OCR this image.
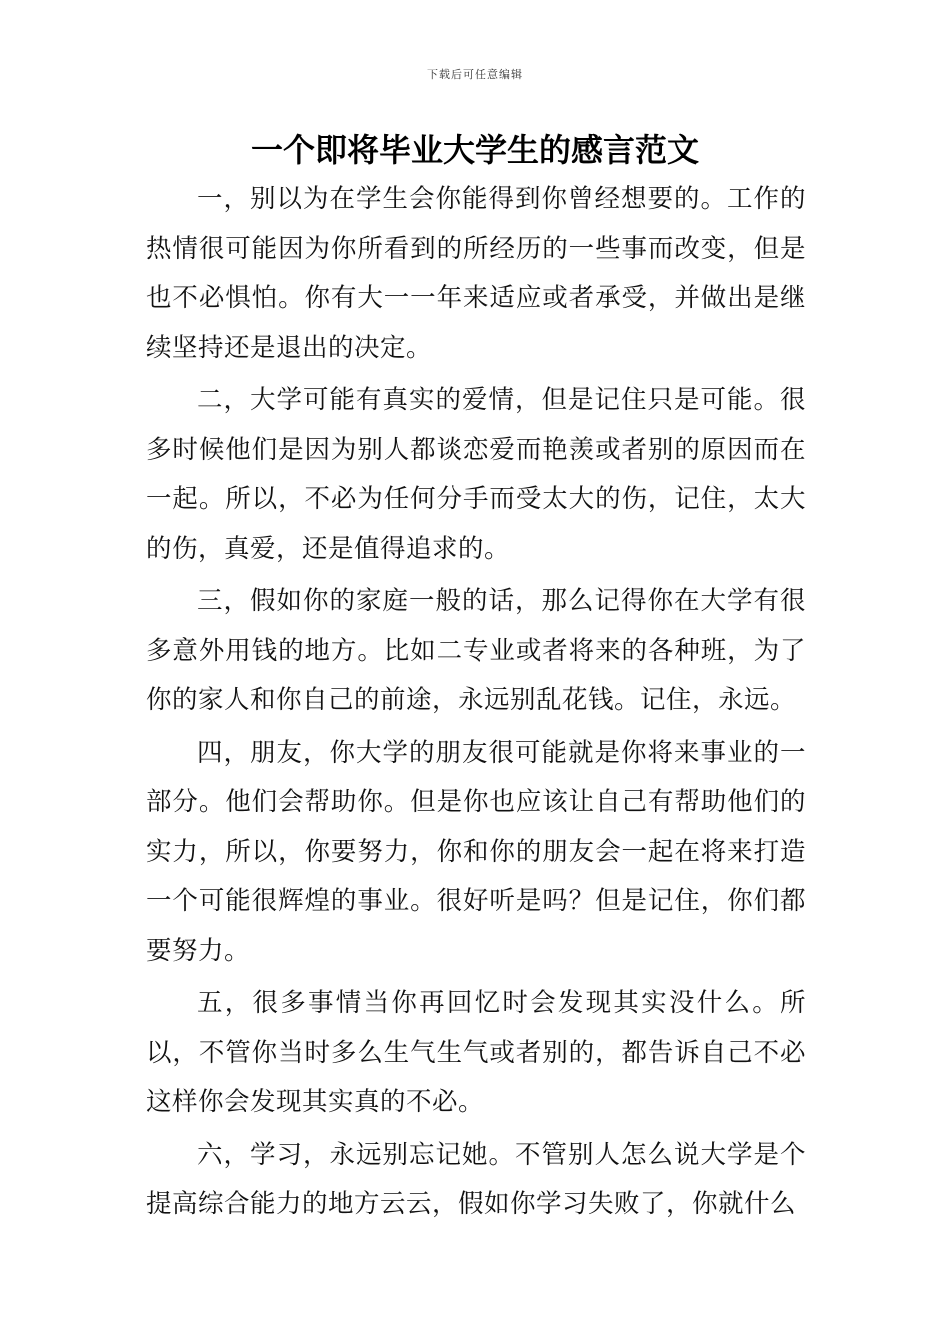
下载后可任意编辑
一个即将毕业大学生的感言范文

一，别以为在学生会你能得到你曾经想要的。工作的热情很可能因为你所看到的所经历的一些事而改变，但是也不必惧怕。你有大一一年来适应或者承受，并做出是继续坚持还是退出的决定。

二，大学可能有真实的爱情，但是记住只是可能。很多时候他们是因为别人都谈恋爱而艳羡或者别的原因而在一起。所以，不必为任何分手而受太大的伤，记住，太大的伤，真爱，还是值得追求的。

三，假如你的家庭一般的话，那么记得你在大学有很多意外用钱的地方。比如二专业或者将来的各种班，为了你的家人和你自己的前途，永远别乱花钱。记住，永远。

四，朋友，你大学的朋友很可能就是你将来事业的一部分。他们会帮助你。但是你也应该让自己有帮助他们的实力，所以，你要努力，你和你的朋友会一起在将来打造一个可能很辉煌的事业。很好听是吗？但是记住，你们都要努力。

五，很多事情当你再回忆时会发现其实没什么。所以，不管你当时多么生气生气或者别的，都告诉自己不必这样你会发现其实真的不必。

六，学习，永远别忘记她。不管别人怎么说大学是个提高综合能力的地方云云，假如你学习失败了，你就什么
